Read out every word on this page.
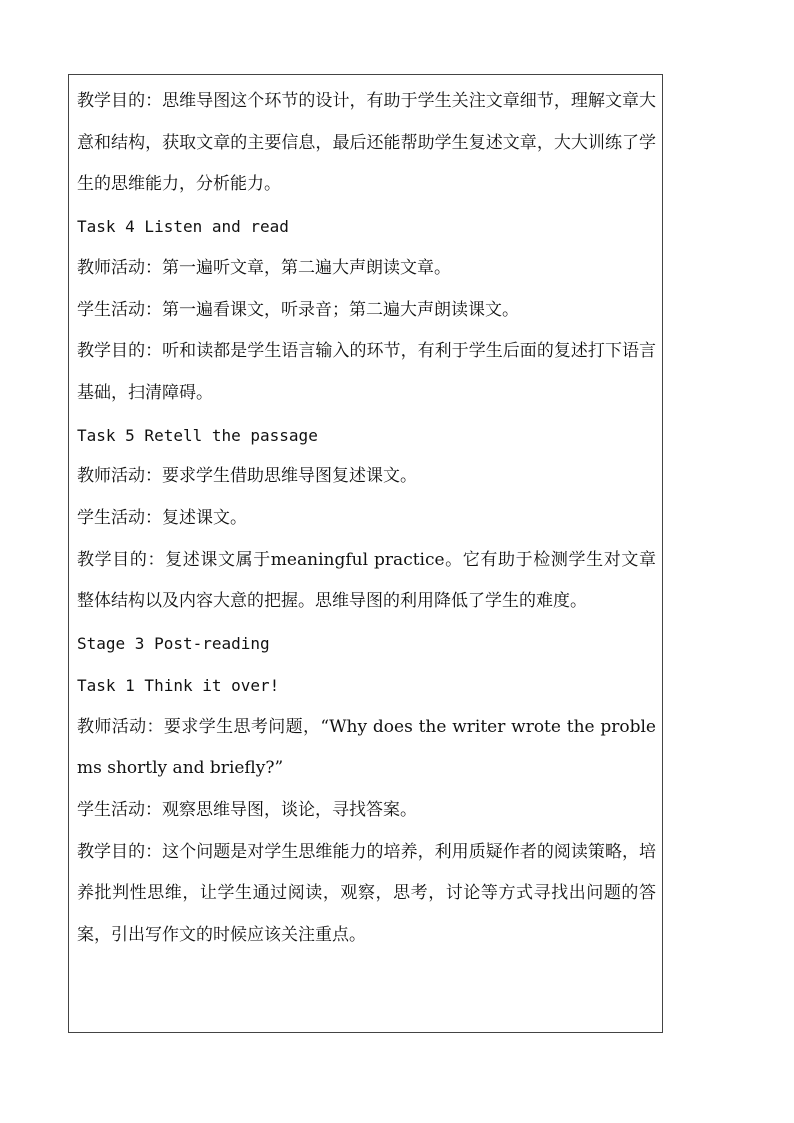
教学目的：思维导图这个环节的设计，有助于学生关注文章细节，理解文章大意和结构，获取文章的主要信息，最后还能帮助学生复述文章，大大训练了学生的思维能力，分析能力。

Task 4 Listen and read

教师活动：第一遍听文章，第二遍大声朗读文章。

学生活动：第一遍看课文，听录音；第二遍大声朗读课文。

教学目的：听和读都是学生语言输入的环节，有利于学生后面的复述打下语言基础，扫清障碍。

Task 5 Retell the passage

教师活动：要求学生借助思维导图复述课文。

学生活动：复述课文。

教学目的：复述课文属于meaningful practice。它有助于检测学生对文章整体结构以及内容大意的把握。思维导图的利用降低了学生的难度。

Stage 3 Post-reading

Task 1 Think it over!

教师活动：要求学生思考问题，“Why does the writer wrote the problems shortly and briefly?”

学生活动：观察思维导图，谈论，寻找答案。

教学目的：这个问题是对学生思维能力的培养，利用质疑作者的阅读策略，培养批判性思维，让学生通过阅读，观察，思考，讨论等方式寻找出问题的答案，引出写作文的时候应该关注重点。
